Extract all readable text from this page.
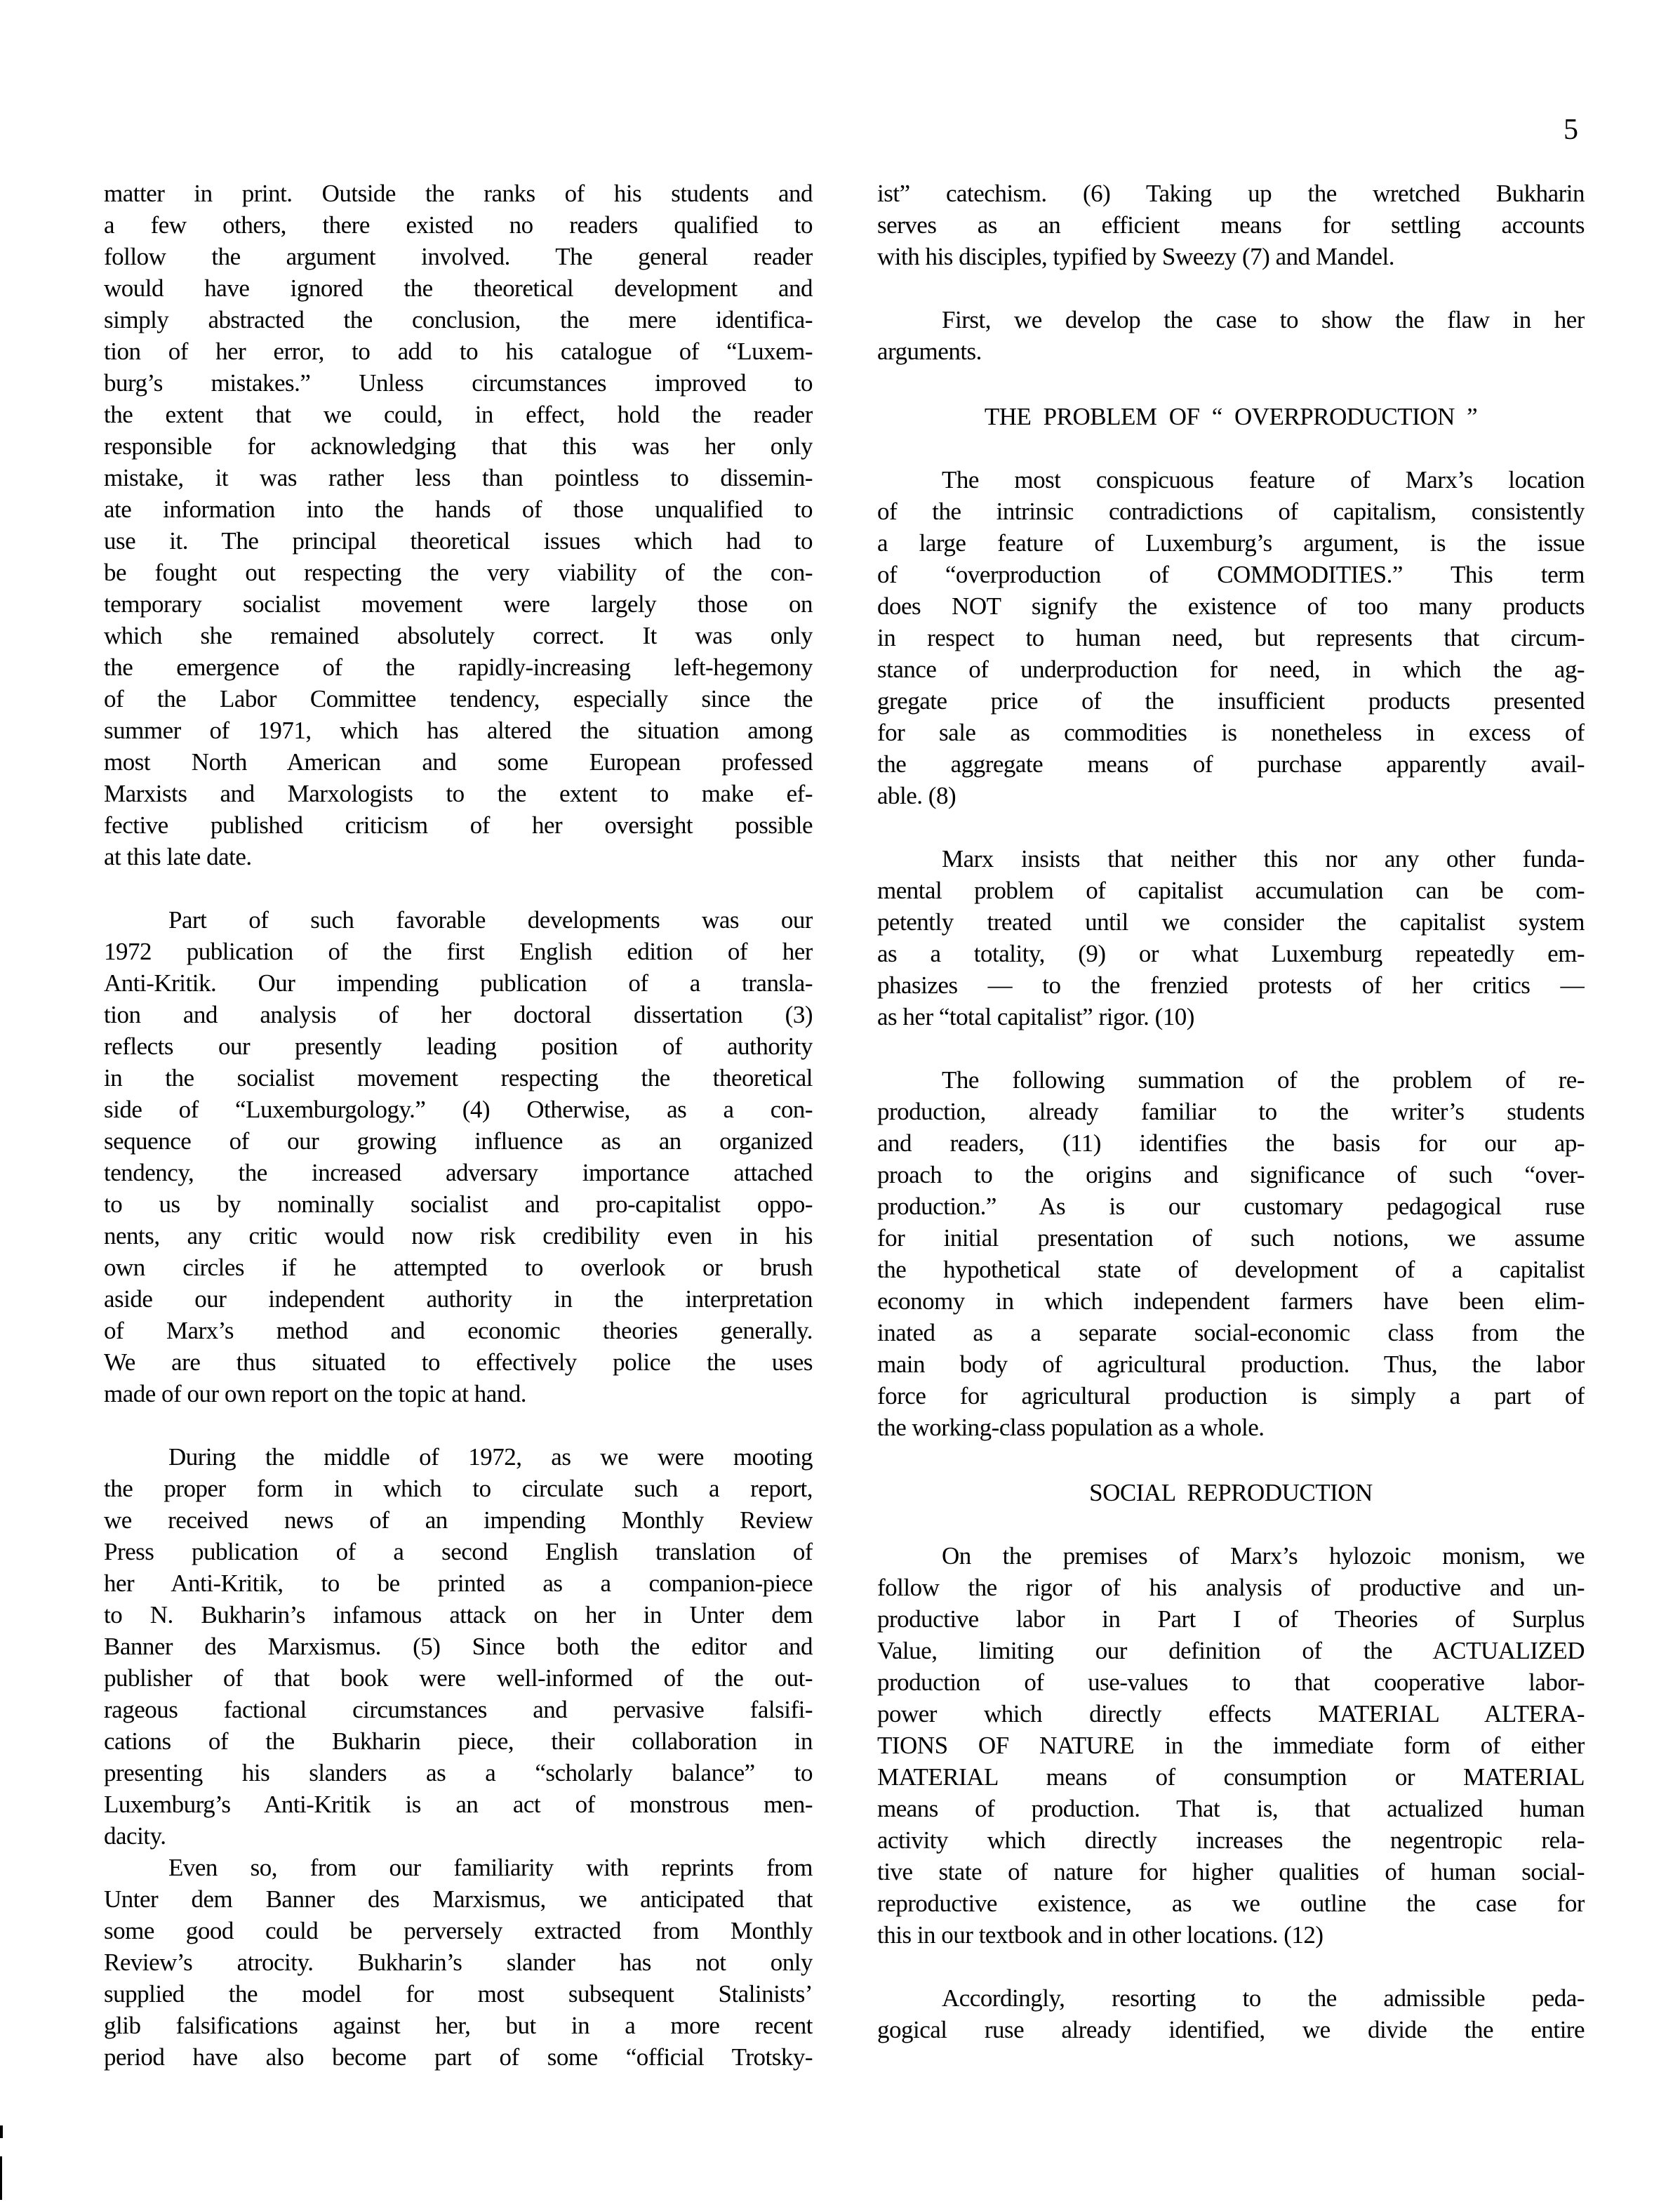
5
matter in print. Outside the ranks of his students and
a few others, there existed no readers qualified to
follow the argument involved. The general reader
would have ignored the theoretical development and
simply abstracted the conclusion, the mere identifica-
tion of her error, to add to his catalogue of “Luxem-
burg’s mistakes.” Unless circumstances improved to
the extent that we could, in effect, hold the reader
responsible for acknowledging that this was her only
mistake, it was rather less than pointless to dissemin-
ate information into the hands of those unqualified to
use it. The principal theoretical issues which had to
be fought out respecting the very viability of the con-
temporary socialist movement were largely those on
which she remained absolutely correct. It was only
the emergence of the rapidly-increasing left-hegemony
of the Labor Committee tendency, especially since the
summer of 1971, which has altered the situation among
most North American and some European professed
Marxists and Marxologists to the extent to make ef-
fective published criticism of her oversight possible
at this late date.
Part of such favorable developments was our
1972 publication of the first English edition of her
Anti-Kritik. Our impending publication of a transla-
tion and analysis of her doctoral dissertation (3)
reflects our presently leading position of authority
in the socialist movement respecting the theoretical
side of “Luxemburgology.” (4) Otherwise, as a con-
sequence of our growing influence as an organized
tendency, the increased adversary importance attached
to us by nominally socialist and pro-capitalist oppo-
nents, any critic would now risk credibility even in his
own circles if he attempted to overlook or brush
aside our independent authority in the interpretation
of Marx’s method and economic theories generally.
We are thus situated to effectively police the uses
made of our own report on the topic at hand.
During the middle of 1972, as we were mooting
the proper form in which to circulate such a report,
we received news of an impending Monthly Review
Press publication of a second English translation of
her Anti-Kritik, to be printed as a companion-piece
to N. Bukharin’s infamous attack on her in Unter dem
Banner des Marxismus. (5) Since both the editor and
publisher of that book were well-informed of the out-
rageous factional circumstances and pervasive falsifi-
cations of the Bukharin piece, their collaboration in
presenting his slanders as a “scholarly balance” to
Luxemburg’s Anti-Kritik is an act of monstrous men-
dacity.
Even so, from our familiarity with reprints from
Unter dem Banner des Marxismus, we anticipated that
some good could be perversely extracted from Monthly
Review’s atrocity. Bukharin’s slander has not only
supplied the model for most subsequent Stalinists’
glib falsifications against her, but in a more recent
period have also become part of some “official Trotsky-
ist” catechism. (6) Taking up the wretched Bukharin
serves as an efficient means for settling accounts
with his disciples, typified by Sweezy (7) and Mandel.
First, we develop the case to show the flaw in her
arguments.
THE PROBLEM OF “ OVERPRODUCTION ”
The most conspicuous feature of Marx’s location
of the intrinsic contradictions of capitalism, consistently
a large feature of Luxemburg’s argument, is the issue
of “overproduction of COMMODITIES.” This term
does NOT signify the existence of too many products
in respect to human need, but represents that circum-
stance of underproduction for need, in which the ag-
gregate price of the insufficient products presented
for sale as commodities is nonetheless in excess of
the aggregate means of purchase apparently avail-
able. (8)
Marx insists that neither this nor any other funda-
mental problem of capitalist accumulation can be com-
petently treated until we consider the capitalist system
as a totality, (9) or what Luxemburg repeatedly em-
phasizes — to the frenzied protests of her critics —
as her “total capitalist” rigor. (10)
The following summation of the problem of re-
production, already familiar to the writer’s students
and readers, (11) identifies the basis for our ap-
proach to the origins and significance of such “over-
production.” As is our customary pedagogical ruse
for initial presentation of such notions, we assume
the hypothetical state of development of a capitalist
economy in which independent farmers have been elim-
inated as a separate social-economic class from the
main body of agricultural production. Thus, the labor
force for agricultural production is simply a part of
the working-class population as a whole.
SOCIAL REPRODUCTION
On the premises of Marx’s hylozoic monism, we
follow the rigor of his analysis of productive and un-
productive labor in Part I of Theories of Surplus
Value, limiting our definition of the ACTUALIZED
production of use-values to that cooperative labor-
power which directly effects MATERIAL ALTERA-
TIONS OF NATURE in the immediate form of either
MATERIAL means of consumption or MATERIAL
means of production. That is, that actualized human
activity which directly increases the negentropic rela-
tive state of nature for higher qualities of human social-
reproductive existence, as we outline the case for
this in our textbook and in other locations. (12)
Accordingly, resorting to the admissible peda-
gogical ruse already identified, we divide the entire
